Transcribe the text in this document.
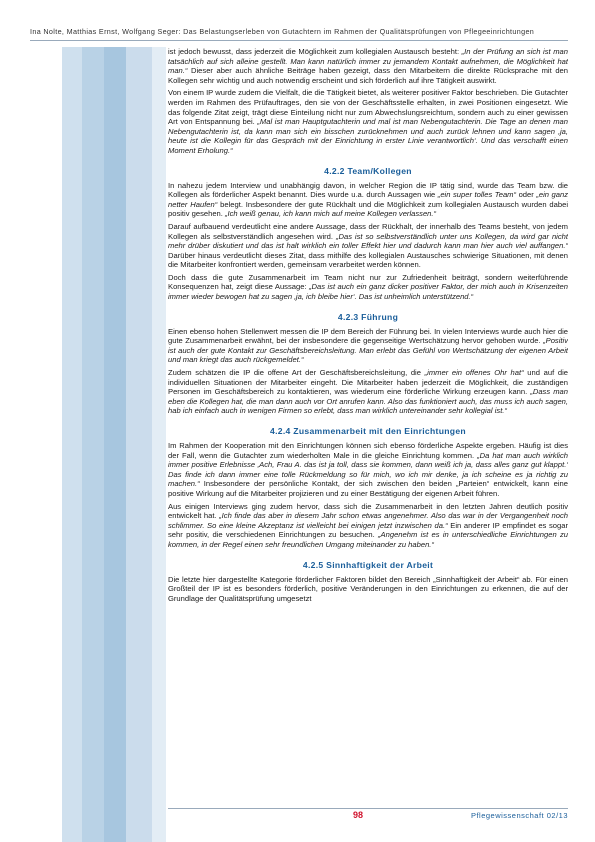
Ina Nolte, Matthias Ernst, Wolfgang Seger: Das Belastungserleben von Gutachtern im Rahmen der Qualitätsprüfungen von Pflegeeinrichtungen

ist jedoch bewusst, dass jederzeit die Möglichkeit zum kollegialen Austausch besteht: „In der Prüfung an sich ist man tatsächlich auf sich alleine gestellt. Man kann natürlich immer zu jemandem Kontakt aufnehmen, die Möglichkeit hat man.“ Dieser aber auch ähnliche Beiträge haben gezeigt, dass den Mitarbeitern die direkte Rücksprache mit den Kollegen sehr wichtig und auch notwendig erscheint und sich förderlich auf ihre Tätigkeit auswirkt.

Von einem IP wurde zudem die Vielfalt, die die Tätigkeit bietet, als weiterer positiver Faktor beschrieben. Die Gutachter werden im Rahmen des Prüfauftrages, den sie von der Geschäftsstelle erhalten, in zwei Positionen eingesetzt. Wie das folgende Zitat zeigt, trägt diese Einteilung nicht nur zum Abwechslungsreichtum, sondern auch zu einer gewissen Art von Entspannung bei. „Mal ist man Hauptgutachterin und mal ist man Nebengutachterin. Die Tage an denen man Nebengutachterin ist, da kann man sich ein bisschen zurücknehmen und auch zurück lehnen und kann sagen ‚ja, heute ist die Kollegin für das Gespräch mit der Einrichtung in erster Linie verantwortlich‘. Und das verschafft einen Moment Erholung.“

4.2.2 Team/Kollegen

In nahezu jedem Interview und unabhängig davon, in welcher Region die IP tätig sind, wurde das Team bzw. die Kollegen als förderlicher Aspekt benannt. Dies wurde u.a. durch Aussagen wie „ein super tolles Team“ oder „ein ganz netter Haufen“ belegt. Insbesondere der gute Rückhalt und die Möglichkeit zum kollegialen Austausch wurden dabei positiv gesehen. „Ich weiß genau, ich kann mich auf meine Kollegen verlassen.“

Darauf aufbauend verdeutlicht eine andere Aussage, dass der Rückhalt, der innerhalb des Teams besteht, von jedem Kollegen als selbstverständlich angesehen wird. „Das ist so selbstverständlich unter uns Kollegen, da wird gar nicht mehr drüber diskutiert und das ist halt wirklich ein toller Effekt hier und dadurch kann man hier auch viel auffangen.“ Darüber hinaus verdeutlicht dieses Zitat, dass mithilfe des kollegialen Austausches schwierige Situationen, mit denen die Mitarbeiter konfrontiert werden, gemeinsam verarbeitet werden können.

Doch dass die gute Zusammenarbeit im Team nicht nur zur Zufriedenheit beiträgt, sondern weiterführende Konsequenzen hat, zeigt diese Aussage: „Das ist auch ein ganz dicker positiver Faktor, der mich auch in Krisenzeiten immer wieder bewogen hat zu sagen ‚ja, ich bleibe hier‘. Das ist unheimlich unterstützend.“

4.2.3 Führung

Einen ebenso hohen Stellenwert messen die IP dem Bereich der Führung bei. In vielen Interviews wurde auch hier die gute Zusammenarbeit erwähnt, bei der insbesondere die gegenseitige Wertschätzung hervor gehoben wurde. „Positiv ist auch der gute Kontakt zur Geschäftsbereichsleitung. Man erlebt das Gefühl von Wertschätzung der eigenen Arbeit und man kriegt das auch rückgemeldet.“

Zudem schätzen die IP die offene Art der Geschäftsbereichsleitung, die „immer ein offenes Ohr hat“ und auf die individuellen Situationen der Mitarbeiter eingeht. Die Mitarbeiter haben jederzeit die Möglichkeit, die zuständigen Personen im Geschäftsbereich zu kontaktieren, was wiederum eine förderliche Wirkung erzeugen kann. „Dass man eben die Kollegen hat, die man dann auch vor Ort anrufen kann. Also das funktioniert auch, das muss ich auch sagen, hab ich einfach auch in wenigen Firmen so erlebt, dass man wirklich untereinander sehr kollegial ist.“

4.2.4 Zusammenarbeit mit den Einrichtungen

Im Rahmen der Kooperation mit den Einrichtungen können sich ebenso förderliche Aspekte ergeben. Häufig ist dies der Fall, wenn die Gutachter zum wiederholten Male in die gleiche Einrichtung kommen. „Da hat man auch wirklich immer positive Erlebnisse ‚Ach, Frau A. das ist ja toll, dass sie kommen, dann weiß ich ja, dass alles ganz gut klappt.‘ Das finde ich dann immer eine tolle Rückmeldung so für mich, wo ich mir denke, ja ich scheine es ja richtig zu machen.“ Insbesondere der persönliche Kontakt, der sich zwischen den beiden „Parteien“ entwickelt, kann eine positive Wirkung auf die Mitarbeiter projizieren und zu einer Bestätigung der eigenen Arbeit führen.

Aus einigen Interviews ging zudem hervor, dass sich die Zusammenarbeit in den letzten Jahren deutlich positiv entwickelt hat. „Ich finde das aber in diesem Jahr schon etwas angenehmer. Also das war in der Vergangenheit noch schlimmer. So eine kleine Akzeptanz ist vielleicht bei einigen jetzt inzwischen da.“ Ein anderer IP empfindet es sogar sehr positiv, die verschiedenen Einrichtungen zu besuchen. „Angenehm ist es in unterschiedliche Einrichtungen zu kommen, in der Regel einen sehr freundlichen Umgang miteinander zu haben.“

4.2.5 Sinnhaftigkeit der Arbeit

Die letzte hier dargestellte Kategorie förderlicher Faktoren bildet den Bereich „Sinnhaftigkeit der Arbeit“ ab. Für einen Großteil der IP ist es besonders förderlich, positive Veränderungen in den Einrichtungen zu erkennen, die auf der Grundlage der Qualitätsprüfung umgesetzt

98	Pflegewissenschaft 02/13
